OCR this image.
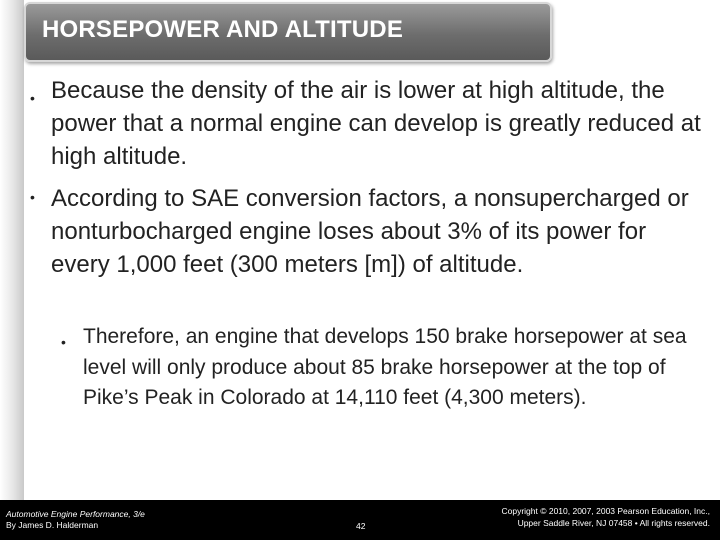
HORSEPOWER AND ALTITUDE
• Because the density of the air is lower at high altitude, the power that a normal engine can develop is greatly reduced at high altitude.

• According to SAE conversion factors, a nonsupercharged or nonturbocharged engine loses about 3% of its power for every 1,000 feet (300 meters [m]) of altitude.

• Therefore, an engine that develops 150 brake horsepower at sea level will only produce about 85 brake horsepower at the top of Pike’s Peak in Colorado at 14,110 feet (4,300 meters).

Automotive Engine Performance, 3/e
By James D. Halderman	42
Copyright © 2010, 2007, 2003 Pearson Education, Inc.,
Upper Saddle River, NJ 07458 • All rights reserved.
